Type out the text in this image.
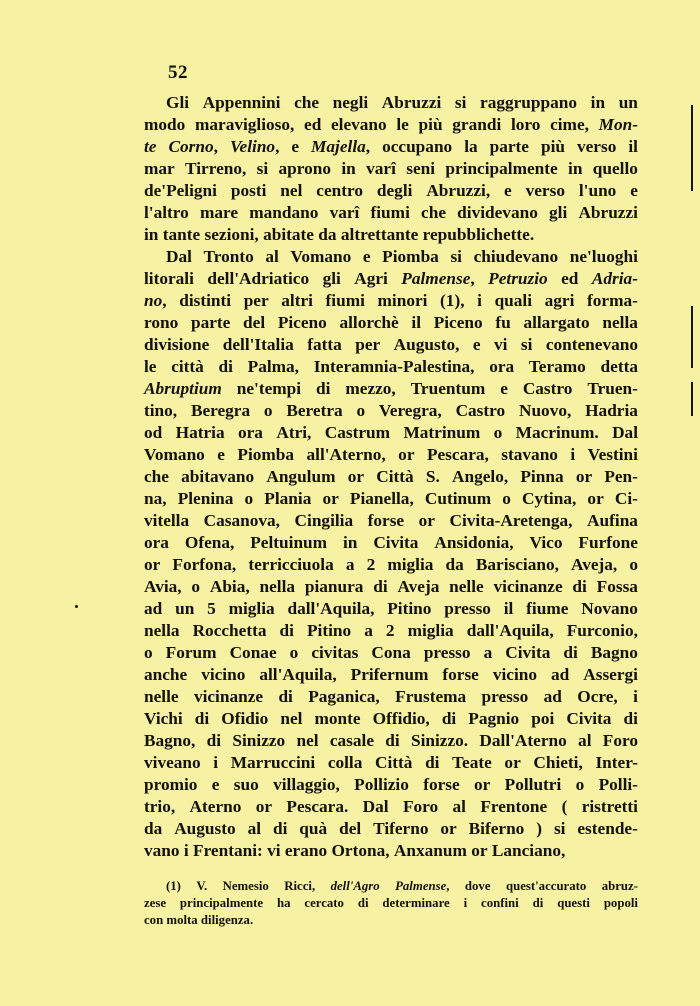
52
Gli Appennini che negli Abruzzi si raggruppano in un
modo maraviglioso, ed elevano le più grandi loro cime, Mon-
te Corno, Velino, e Majella, occupano la parte più verso il
mar Tirreno, si aprono in varî seni principalmente in quello
de'Peligni posti nel centro degli Abruzzi, e verso l'uno e
l'altro mare mandano varî fiumi che dividevano gli Abruzzi
in
tante
sezioni,
abitate
da
altrettante
repubblichette.

Dal Tronto al Vomano e Piomba si chiudevano ne'luoghi
litorali dell'Adriatico gli Agri Palmense, Petruzio ed Adria-
no, distinti per altri fiumi minori (1), i quali agri forma-
rono parte del Piceno allorchè il Piceno fu allargato nella
divisione dell'Italia fatta per Augusto, e vi si contenevano
le città di Palma, Interamnia-Palestina, ora Teramo detta
Abruptium ne'tempi di mezzo, Truentum e Castro Truen-
tino, Beregra o Beretra o Veregra, Castro Nuovo, Hadria
od Hatria ora Atri, Castrum Matrinum o Macrinum. Dal
Vomano e Piomba all'Aterno, or Pescara, stavano i Vestini
che abitavano Angulum or Città S. Angelo, Pinna or Pen-
na, Plenina o Plania or Pianella, Cutinum o Cytina, or Ci-
vitella Casanova, Cingilia forse or Civita-Aretenga, Aufina
ora Ofena, Peltuinum in Civita Ansidonia, Vico Furfone
or Forfona, terricciuola a 2 miglia da Barisciano, Aveja, o
Avia, o Abia, nella pianura di Aveja nelle vicinanze di Fossa
ad un 5 miglia dall'Aquila, Pitino presso il fiume Novano
nella Rocchetta di Pitino a 2 miglia dall'Aquila, Furconio,
o Forum Conae o civitas Cona presso a Civita di Bagno
anche vicino all'Aquila, Prifernum forse vicino ad Assergi
nelle vicinanze di Paganica, Frustema presso ad Ocre, i
Vichi di Ofidio nel monte Offidio, di Pagnio poi Civita di
Bagno, di Sinizzo nel casale di Sinizzo. Dall'Aterno al Foro
viveano i Marruccini colla Città di Teate or Chieti, Inter-
promio e suo villaggio, Pollizio forse or Pollutri o Polli-
trio, Aterno or Pescara. Dal Foro al Frentone ( ristretti
da Augusto al di quà del Tiferno or Biferno ) si estende-
vano
i
Frentani:
vi
erano
Ortona,
Anxanum
or
Lanciano,

(1) V. Nemesio Ricci, dell'Agro Palmense, dove quest'accurato abruz-
zese principalmente ha cercato di determinare i confini di questi popoli
con
molta
diligenza.
